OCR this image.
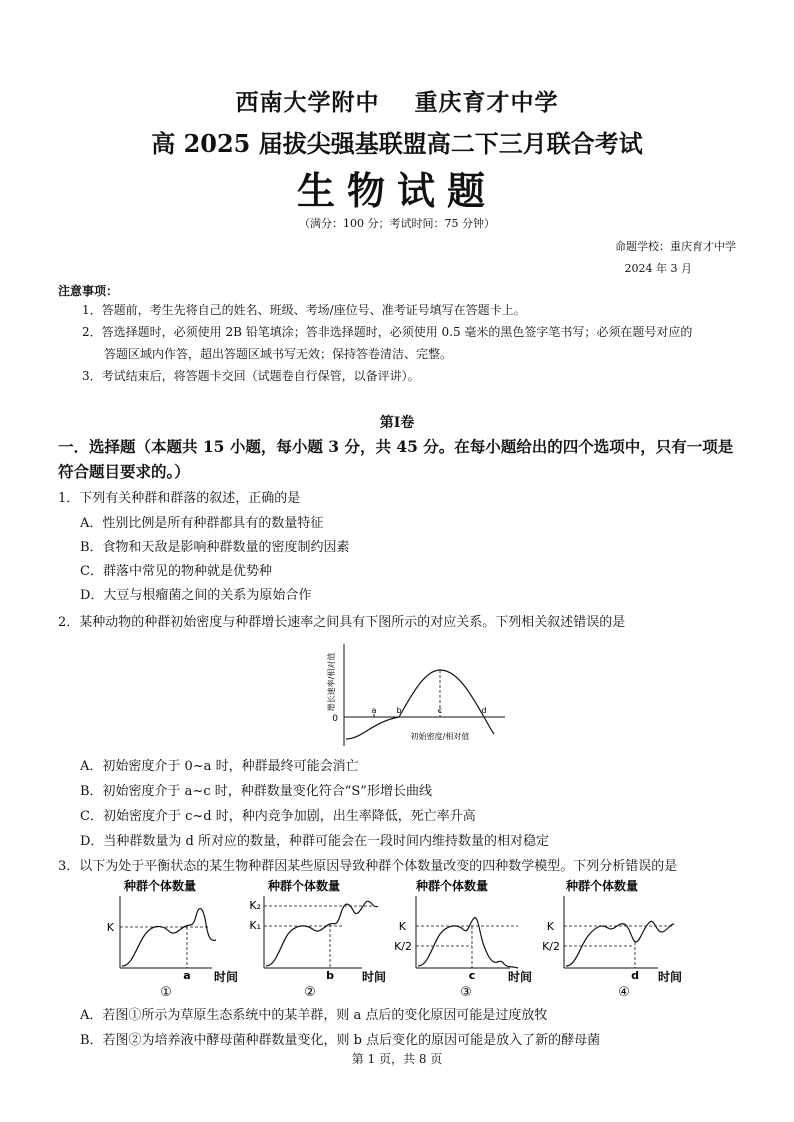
西南大学附中 重庆育才中学
高 2025 届拔尖强基联盟高二下三月联合考试
生物试题
（满分：100 分；考试时间：75 分钟）
命题学校：重庆育才中学
2024 年 3 月
注意事项：
1．答题前，考生先将自己的姓名、班级、考场/座位号、准考证号填写在答题卡上。
2．答选择题时，必须使用 2B 铅笔填涂；答非选择题时，必须使用 0.5 毫米的黑色签字笔书写；必须在题号对应的
答题区域内作答，超出答题区域书写无效；保持答卷清洁、完整。
3．考试结束后，将答题卡交回（试题卷自行保管，以备评讲）。
第Ⅰ卷
一．选择题（本题共 15 小题，每小题 3 分，共 45 分。在每小题给出的四个选项中，只有一项是
符合题目要求的。）
1．下列有关种群和群落的叙述，正确的是
A．性别比例是所有种群都具有的数量特征
B．食物和天敌是影响种群数量的密度制约因素
C．群落中常见的物种就是优势种
D．大豆与根瘤菌之间的关系为原始合作
2．某种动物的种群初始密度与种群增长速率之间具有下图所示的对应关系。下列相关叙述错误的是
0
a	b	c	d
初始密度/相对值
增长速率/相对值
A．初始密度介于 0~a 时，种群最终可能会消亡
B．初始密度介于 a~c 时，种群数量变化符合“S”形增长曲线
C．初始密度介于 c~d 时，种内竞争加剧，出生率降低，死亡率升高
D．当种群数量为 d 所对应的数量，种群可能会在一段时间内维持数量的相对稳定
3．以下为处于平衡状态的某生物种群因某些原因导致种群个体数量改变的四种数学模型。下列分析错误的是
种群个体数量
K
a 时间
①
种群个体数量
K₂
K₁
b 时间
②
种群个体数量
K
K/2
c	时间
③
种群个体数量
K
K/2
d 时间
④
A．若图①所示为草原生态系统中的某羊群，则 a 点后的变化原因可能是过度放牧
B．若图②为培养液中酵母菌种群数量变化，则 b 点后变化的原因可能是放入了新的酵母菌
第 1 页，共 8 页
